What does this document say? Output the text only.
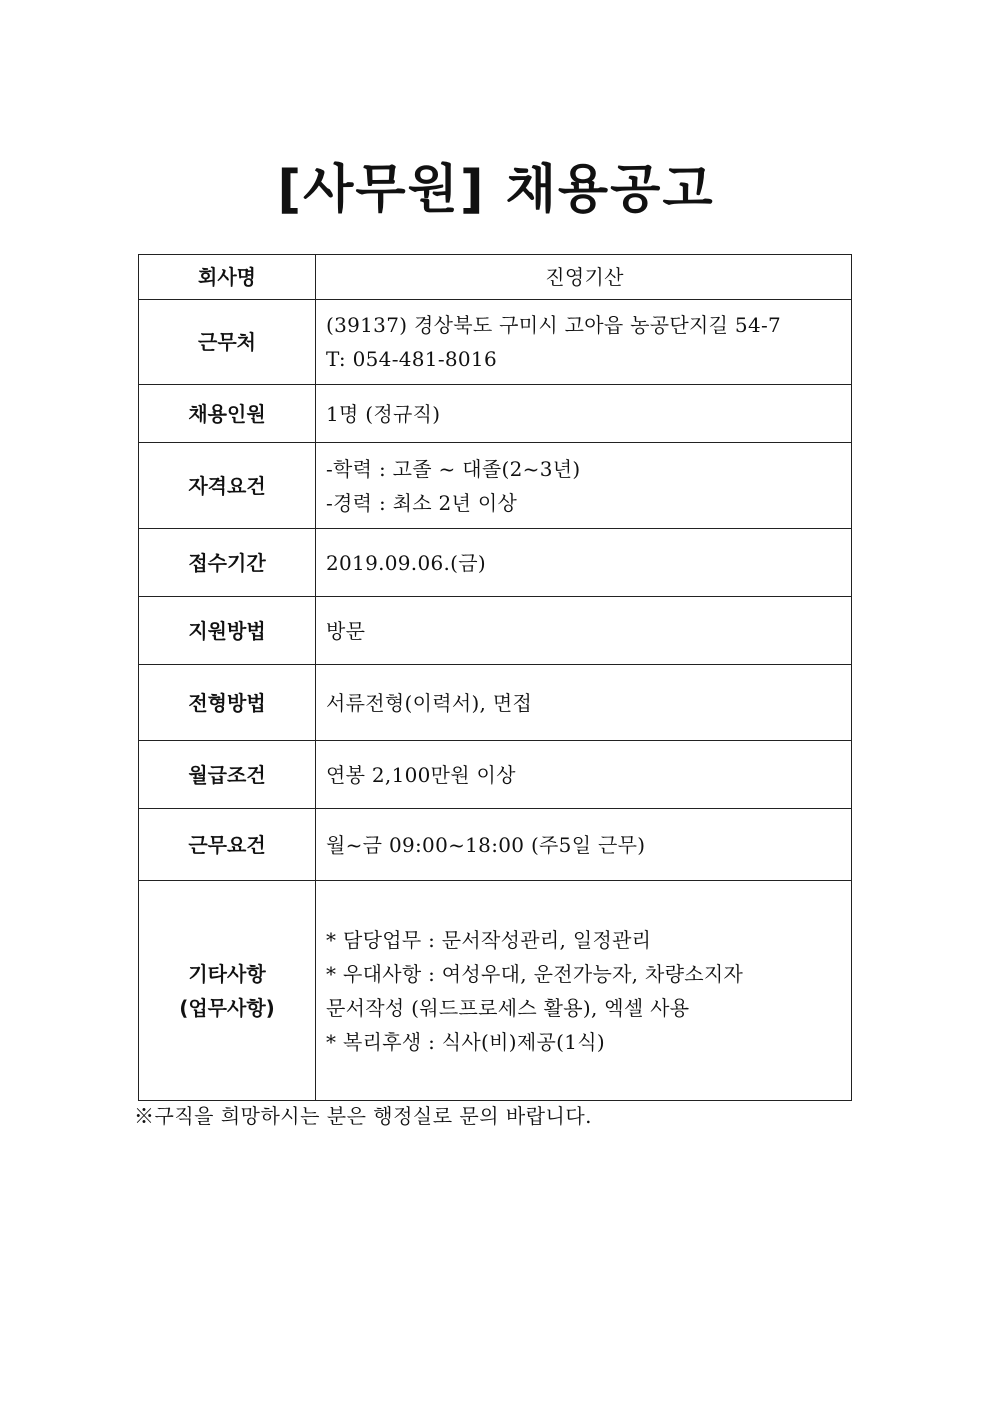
[사무원] 채용공고
회사명	진영기산
근무처	(39137) 경상북도 구미시 고아읍 농공단지길 54-7
T: 054-481-8016

채용인원	1명 (정규직)
자격요건	-학력 : 고졸 ~ 대졸(2~3년)
-경력 : 최소 2년 이상

접수기간	2019.09.06.(금)
지원방법	방문
전형방법	서류전형(이력서), 면접
월급조건	연봉 2,100만원 이상
근무요건	월~금 09:00~18:00 (주5일 근무)

기타사항
(업무사항)	* 담당업무 : 문서작성관리, 일정관리
* 우대사항 : 여성우대, 운전가능자, 차량소지자
문서작성 (워드프로세스 활용), 엑셀 사용
* 복리후생 : 식사(비)제공(1식)
※구직을 희망하시는 분은 행정실로 문의 바랍니다.
